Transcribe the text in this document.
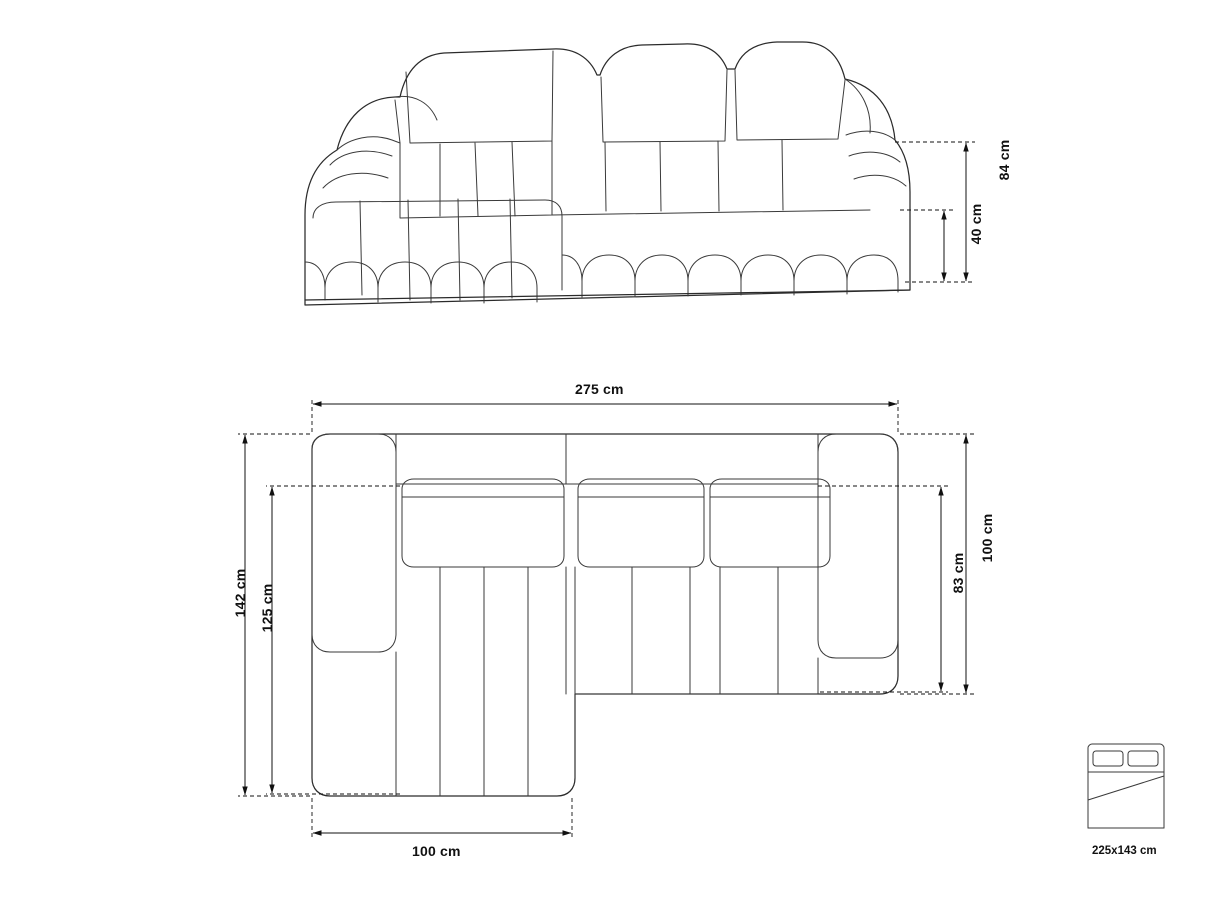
84 cm
40 cm
275 cm
142 cm 125 cm
100 cm
83 cm
100 cm	225x143 cm
